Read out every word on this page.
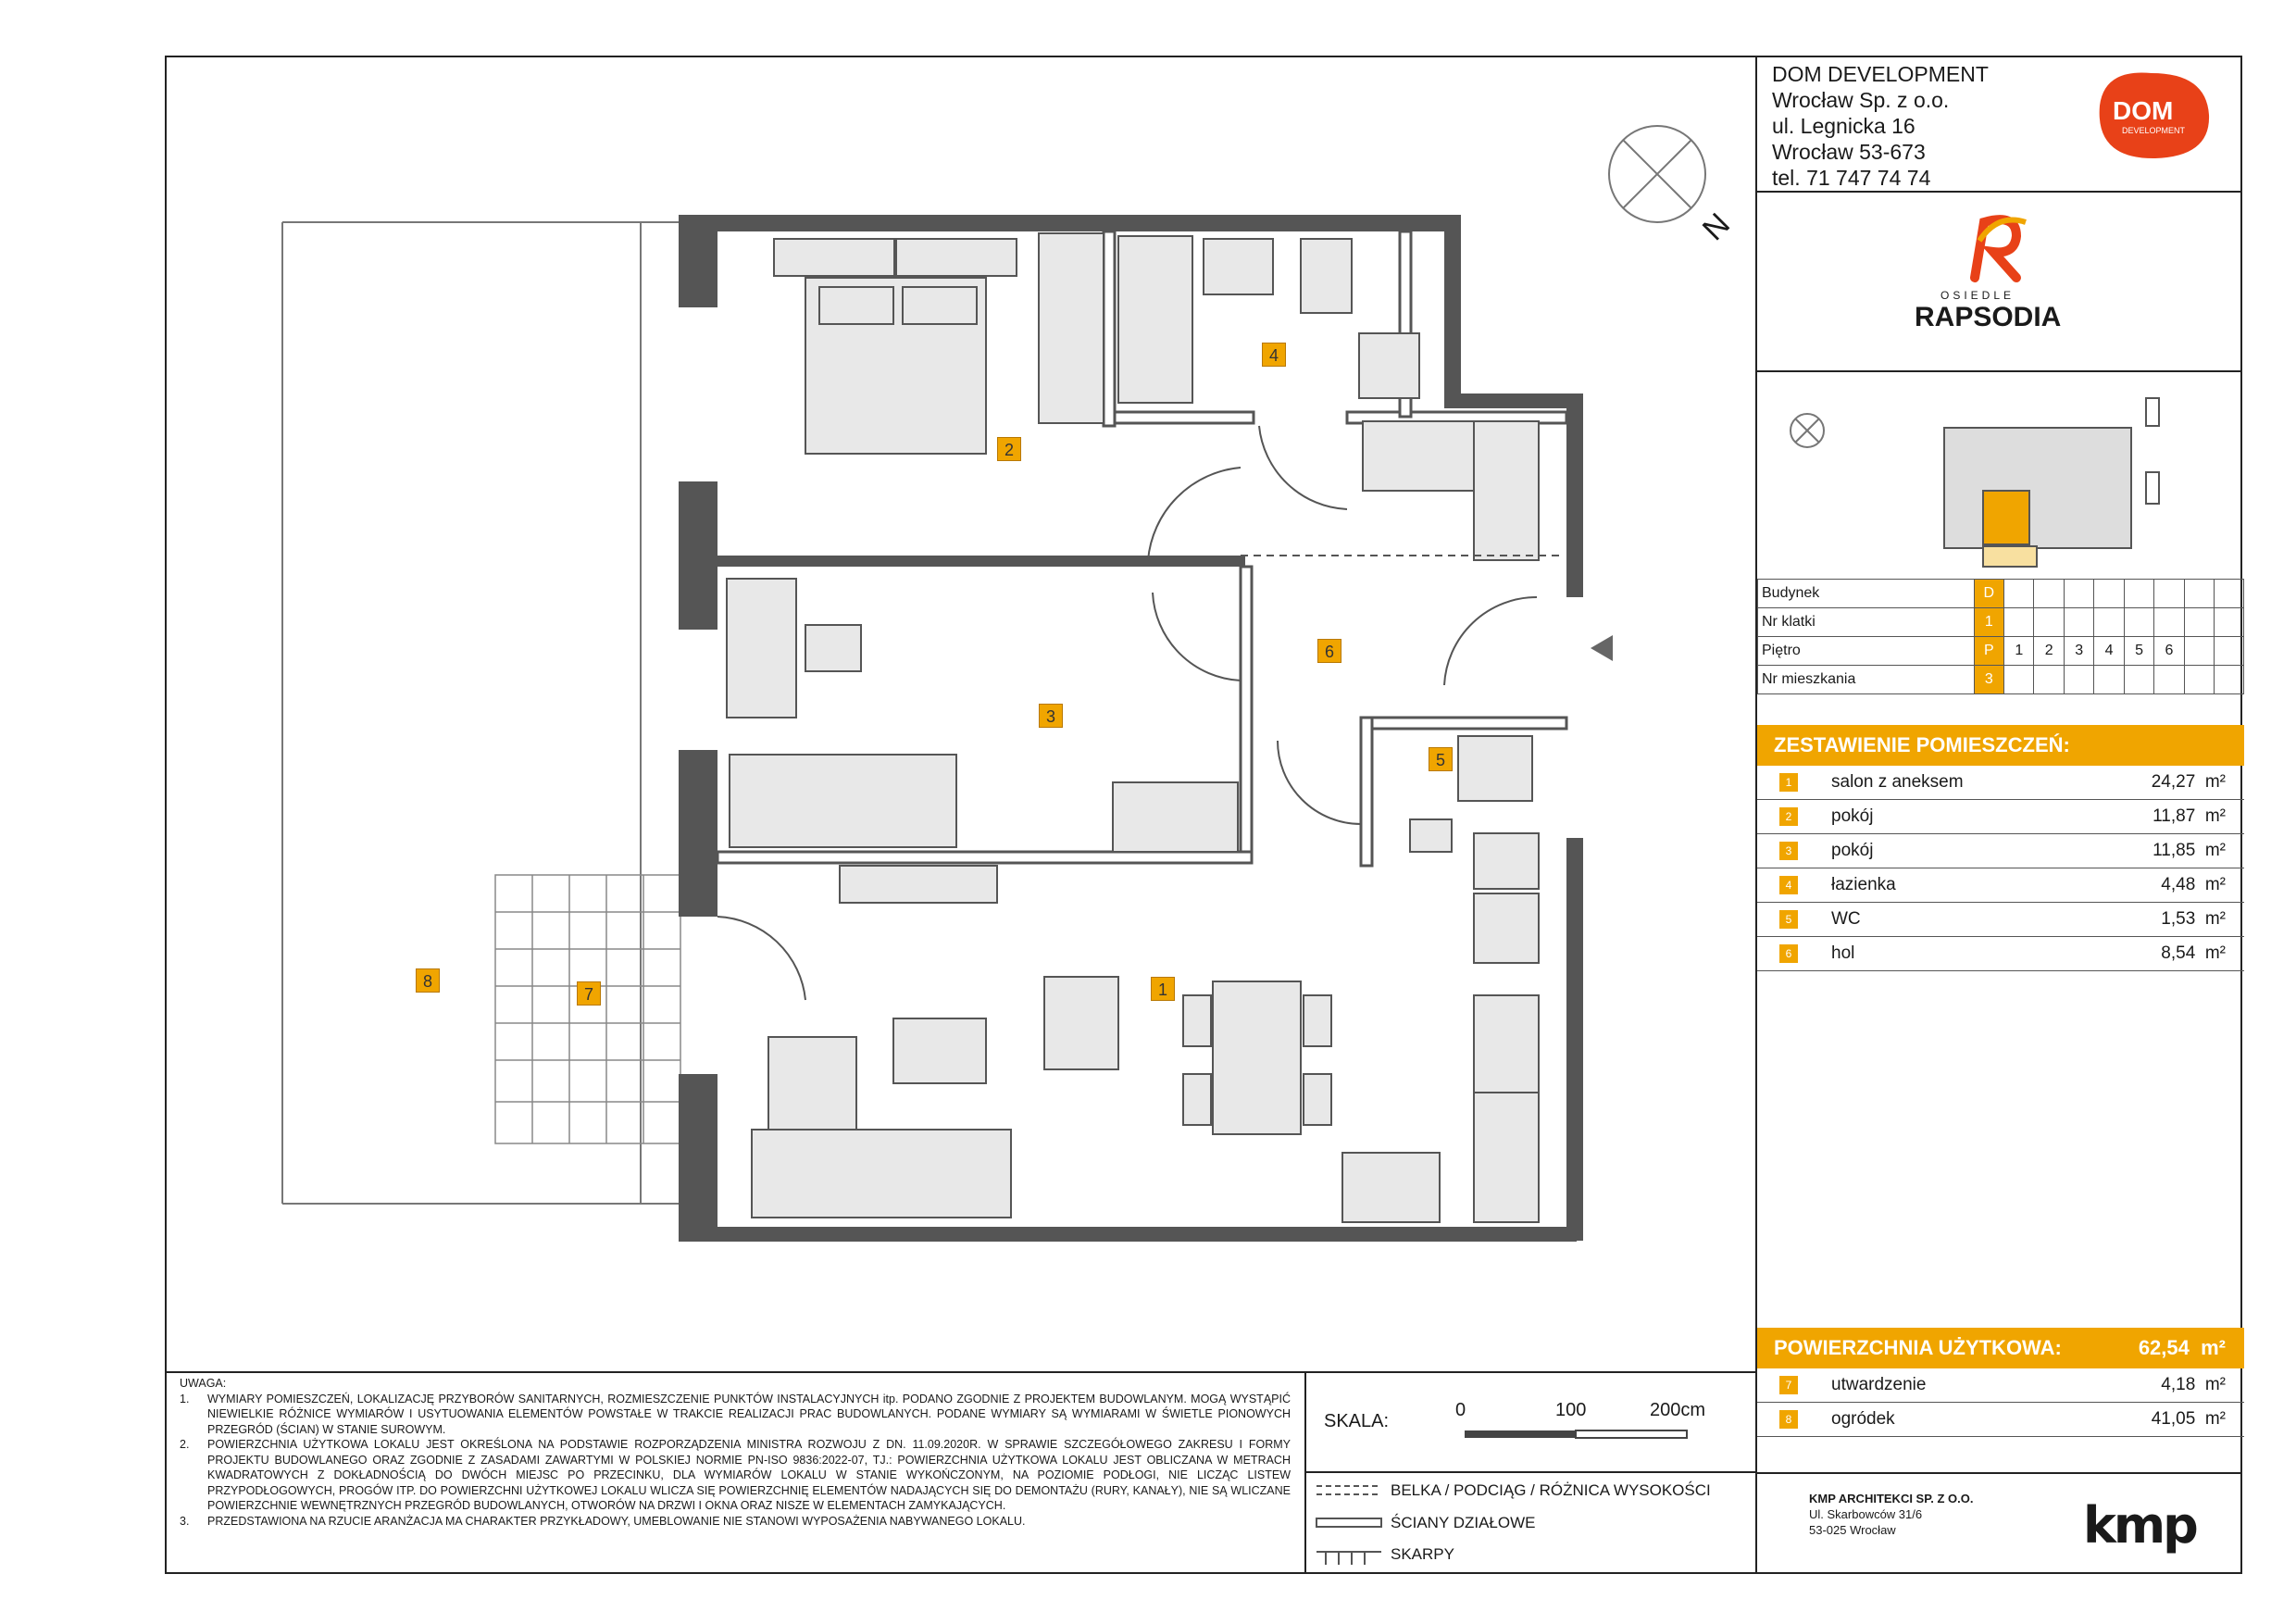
N
1
2
3
4
5
6
7
8
DOM DEVELOPMENT
Wrocław Sp. z o.o.
ul. Legnicka 16
Wrocław 53-673
tel. 71 747 74 74
DOM
DEVELOPMENT
OSIEDLE
RAPSODIA
Budynek	D								
Nr klatki	1								
Piętro	P	1	2	3	4	5	6		
Nr mieszkania	3								
ZESTAWIENIE POMIESZCZEŃ:
1	salon z aneksem	24,27 m²
2	pokój	11,87 m²
3	pokój	11,85 m²
4	łazienka	4,48 m²
5	WC	1,53 m²
6	hol	8,54 m²
POWIERZCHNIA UŻYTKOWA:	62,54 m²
7	utwardzenie	4,18 m²
8	ogródek	41,05 m²
UWAGA:
1.	WYMIARY POMIESZCZEŃ, LOKALIZACJĘ PRZYBORÓW SANITARNYCH, ROZMIESZCZENIE PUNKTÓW INSTALACYJNYCH itp. PODANO ZGODNIE Z PROJEKTEM BUDOWLANYM. MOGĄ WYSTĄPIĆ NIEWIELKIE RÓŻNICE WYMIARÓW I USYTUOWANIA ELEMENTÓW POWSTAŁE W TRAKCIE REALIZACJI PRAC BUDOWLANYCH. PODANE WYMIARY SĄ WYMIARAMI W ŚWIETLE PIONOWYCH PRZEGRÓD (ŚCIAN) W STANIE SUROWYM.
2.	POWIERZCHNIA UŻYTKOWA LOKALU JEST OKREŚLONA NA PODSTAWIE ROZPORZĄDZENIA MINISTRA ROZWOJU Z DN. 11.09.2020R. W SPRAWIE SZCZEGÓŁOWEGO ZAKRESU I FORMY PROJEKTU BUDOWLANEGO ORAZ ZGODNIE Z ZASADAMI ZAWARTYMI W POLSKIEJ NORMIE PN-ISO 9836:2022-07, TJ.: POWIERZCHNIA UŻYTKOWA LOKALU JEST OBLICZANA W METRACH KWADRATOWYCH Z DOKŁADNOŚCIĄ DO DWÓCH MIEJSC PO PRZECINKU, DLA WYMIARÓW LOKALU W STANIE WYKOŃCZONYM, NA POZIOMIE PODŁOGI, NIE LICZĄC LISTEW PRZYPODŁOGOWYCH, PROGÓW ITP. DO POWIERZCHNI UŻYTKOWEJ LOKALU WLICZA SIĘ POWIERZCHNIĘ ELEMENTÓW NADAJĄCYCH SIĘ DO DEMONTAŻU (RURY, KANAŁY), NIE SĄ WLICZANE POWIERZCHNIE WEWNĘTRZNYCH PRZEGRÓD BUDOWLANYCH, OTWORÓW NA DRZWI I OKNA ORAZ NISZE W ELEMENTACH ZAMYKAJĄCYCH.
3.	PRZEDSTAWIONA NA RZUCIE ARANŻACJA MA CHARAKTER PRZYKŁADOWY, UMEBLOWANIE NIE STANOWI WYPOSAŻENIA NABYWANEGO LOKALU.
SKALA:
0	100	200cm
BELKA / PODCIĄG / RÓŻNICA WYSOKOŚCI
ŚCIANY DZIAŁOWE
SKARPY
KMP ARCHITEKCI SP. Z O.O.
Ul. Skarbowców 31/6
53-025 Wrocław	kmp
